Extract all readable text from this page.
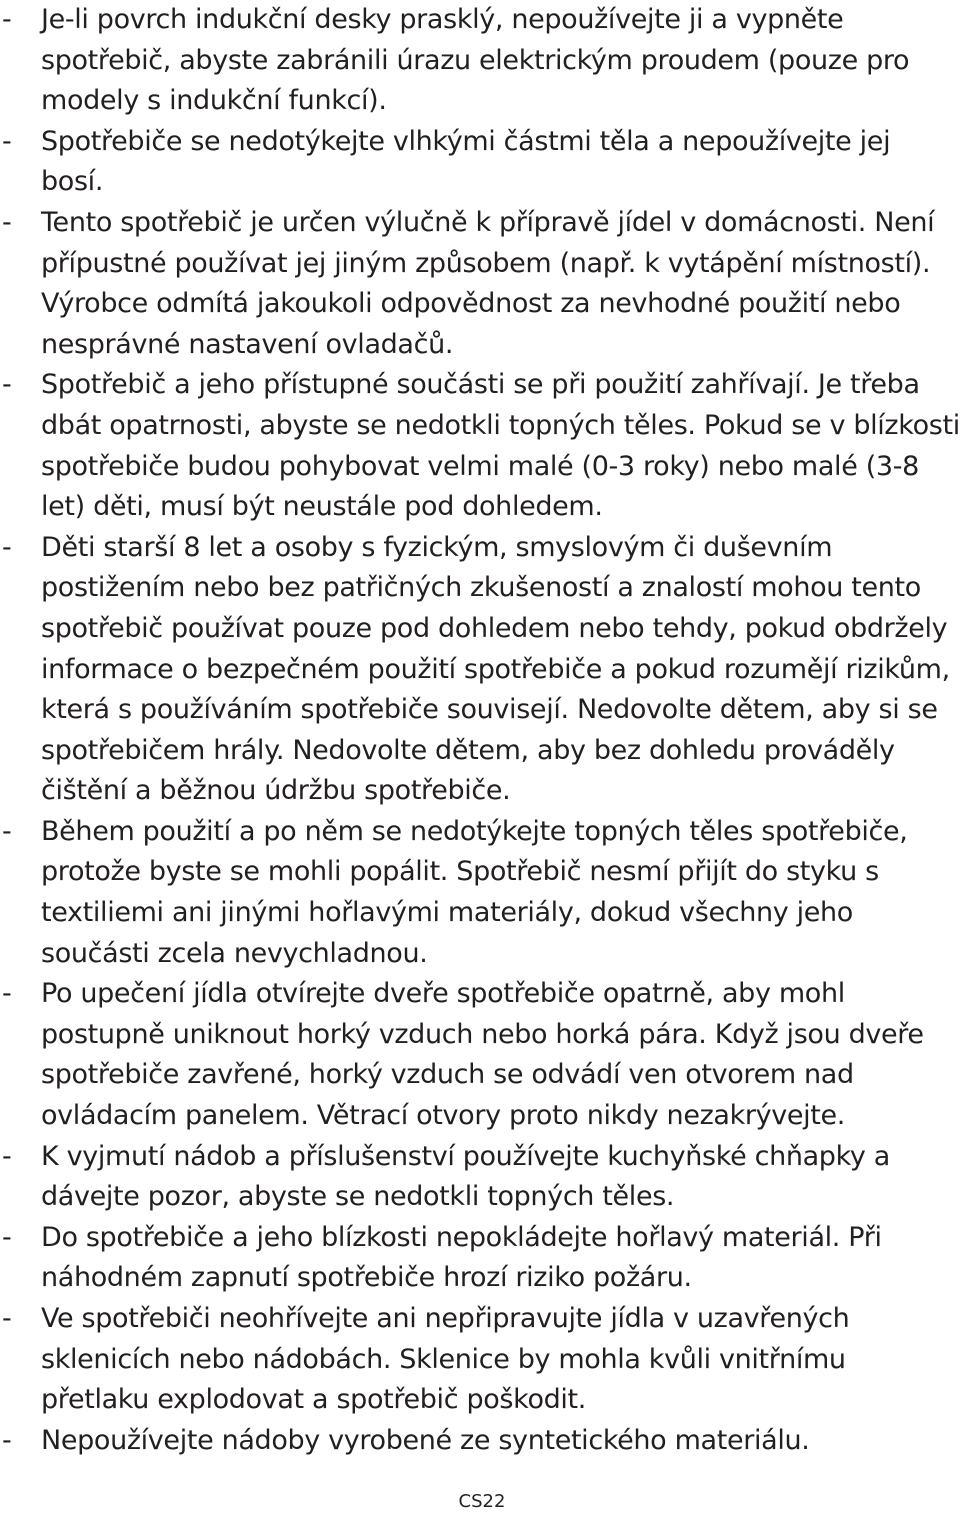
- Je-li povrch indukční desky prasklý, nepoužívejte ji a vypněte spotřebič, abyste zabránili úrazu elektrickým proudem (pouze pro modely s indukční funkcí).
- Spotřebiče se nedotýkejte vlhkými částmi těla a nepoužívejte jej bosí.
- Tento spotřebič je určen výlučně k přípravě jídel v domácnosti. Není přípustné používat jej jiným způsobem (např. k vytápění místností). Výrobce odmítá jakoukoli odpovědnost za nevhodné použití nebo nesprávné nastavení ovladačů.
- Spotřebič a jeho přístupné součásti se při použití zahřívají. Je třeba dbát opatrnosti, abyste se nedotkli topných těles. Pokud se v blízkosti spotřebiče budou pohybovat velmi malé (0-3 roky) nebo malé (3-8 let) děti, musí být neustále pod dohledem.
- Děti starší 8 let a osoby s fyzickým, smyslovým či duševním postižením nebo bez patřičných zkušeností a znalostí mohou tento spotřebič používat pouze pod dohledem nebo tehdy, pokud obdržely informace o bezpečném použití spotřebiče a pokud rozumějí rizikům, která s používáním spotřebiče souvisejí. Nedovolte dětem, aby si se spotřebičem hrály. Nedovolte dětem, aby bez dohledu prováděly čištění a běžnou údržbu spotřebiče.
- Během použití a po něm se nedotýkejte topných těles spotřebiče, protože byste se mohli popálit. Spotřebič nesmí přijít do styku s textiliemi ani jinými hořlavými materiály, dokud všechny jeho součásti zcela nevychladnou.
- Po upečení jídla otvírejte dveře spotřebiče opatrně, aby mohl postupně uniknout horký vzduch nebo horká pára. Když jsou dveře spotřebiče zavřené, horký vzduch se odvádí ven otvorem nad ovládacím panelem. Větrací otvory proto nikdy nezakrývejte.
- K vyjmutí nádob a příslušenství používejte kuchyňské chňapky a dávejte pozor, abyste se nedotkli topných těles.
- Do spotřebiče a jeho blízkosti nepokládejte hořlavý materiál. Při náhodném zapnutí spotřebiče hrozí riziko požáru.
- Ve spotřebiči neohřívejte ani nepřipravujte jídla v uzavřených sklenicích nebo nádobách. Sklenice by mohla kvůli vnitřnímu přetlaku explodovat a spotřebič poškodit.
- Nepoužívejte nádoby vyrobené ze syntetického materiálu.
CS22
